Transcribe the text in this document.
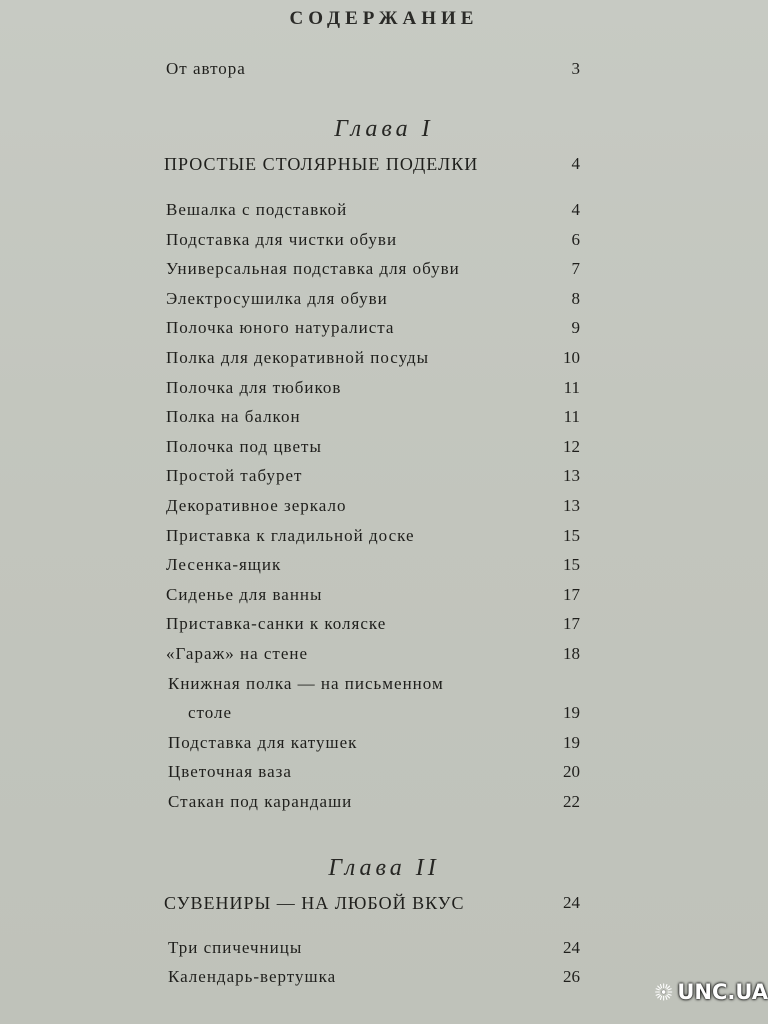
СОДЕРЖАНИЕ
От автора	3
Глава I
ПРОСТЫЕ СТОЛЯРНЫЕ ПОДЕЛКИ	4
Вешалка с подставкой	4
Подставка для чистки обуви	6
Универсальная подставка для обуви	7
Электросушилка для обуви	8
Полочка юного натуралиста	9
Полка для декоративной посуды	10
Полочка для тюбиков	11
Полка на балкон	11
Полочка под цветы	12
Простой табурет	13
Декоративное зеркало	13
Приставка к гладильной доске	15
Лесенка-ящик	15
Сиденье для ванны	17
Приставка-санки к коляске	17
«Гараж» на стене	18
Книжная полка — на письменном
столе	19
Подставка для катушек	19
Цветочная ваза	20
Стакан под карандаши	22
Глава II
СУВЕНИРЫ — НА ЛЮБОЙ ВКУС	24
Три спичечницы	24
Календарь-вертушка	26
UNC.UA
